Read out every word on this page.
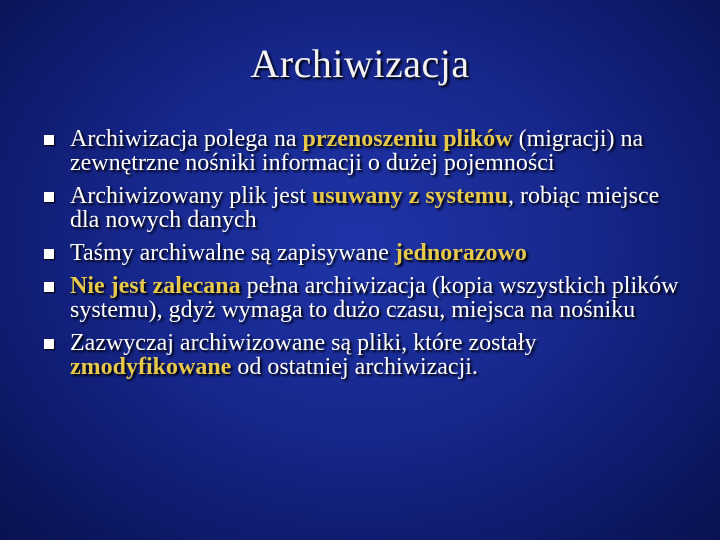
Archiwizacja
Archiwizacja polega na przenoszeniu plików (migracji) na zewnętrzne nośniki informacji o dużej pojemności
Archiwizowany plik jest usuwany z systemu, robiąc miejsce dla nowych danych
Taśmy archiwalne są zapisywane jednorazowo
Nie jest zalecana pełna archiwizacja (kopia wszystkich plików systemu), gdyż wymaga to dużo czasu, miejsca na nośniku
Zazwyczaj archiwizowane są pliki, które zostały zmodyfikowane od ostatniej archiwizacji.
